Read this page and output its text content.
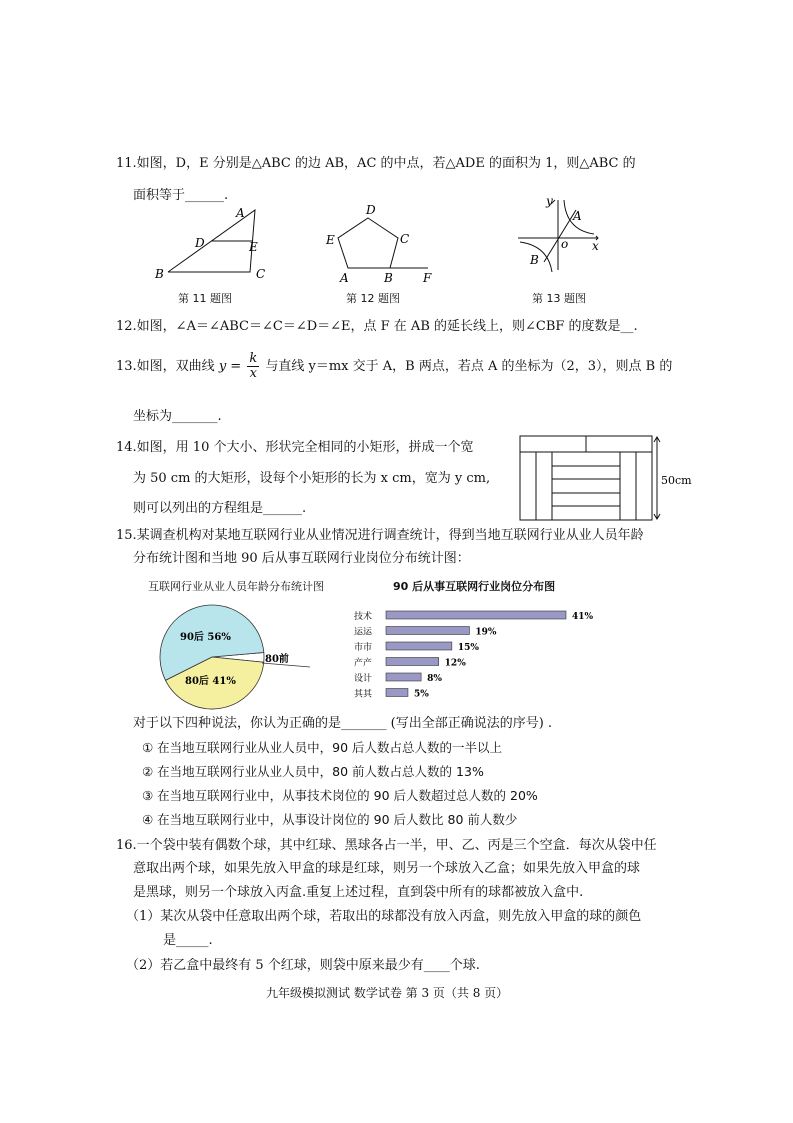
11.如图，D，E 分别是△ABC 的边 AB，AC 的中点，若△ADE 的面积为 1，则△ABC 的
面积等于______.
A
D	E
B	C
第 11 题图
D
C
E
A	B	F
第 12 题图
y
x
o
A
B
第 13 题图
12.如图，∠A＝∠ABC＝∠C＝∠D＝∠E，点 F 在 AB 的延长线上，则∠CBF 的度数是__.
13.如图，双曲线 $y = \frac{k}{x}$ 与直线 y＝mx 交于 A，B 两点，若点 A 的坐标为（2，3），则点 B 的
坐标为_______.
14.如图，用 10 个大小、形状完全相同的小矩形，拼成一个宽
为 50 cm 的大矩形，设每个小矩形的长为 x cm，宽为 y cm,
则可以列出的方程组是______.
50cm
15.某调查机构对某地互联网行业从业情况进行调查统计，得到当地互联网行业从业人员年龄
分布统计图和当地 90 后从事互联网行业岗位分布统计图：
互联网行业从业人员年龄分布统计图	90 后从事互联网行业岗位分布图
90后 56%
80后 41%
80前
技术	41%
运运	19%
市市	15%
产产	12%
设计	8%
其其	5%
对于以下四种说法，你认为正确的是_______ (写出全部正确说法的序号) .
① 在当地互联网行业从业人员中，90 后人数占总人数的一半以上
② 在当地互联网行业从业人员中，80 前人数占总人数的 13%
③ 在当地互联网行业中，从事技术岗位的 90 后人数超过总人数的 20%
④ 在当地互联网行业中，从事设计岗位的 90 后人数比 80 前人数少
16.一个袋中装有偶数个球，其中红球、黑球各占一半，甲、乙、丙是三个空盒．每次从袋中任
意取出两个球，如果先放入甲盒的球是红球，则另一个球放入乙盒；如果先放入甲盒的球
是黑球，则另一个球放入丙盒.重复上述过程，直到袋中所有的球都被放入盒中.
（1）某次从袋中任意取出两个球，若取出的球都没有放入丙盒，则先放入甲盒的球的颜色
是_____.
（2）若乙盒中最终有 5 个红球，则袋中原来最少有____个球.
九年级模拟测试 数学试卷 第 3 页（共 8 页）
